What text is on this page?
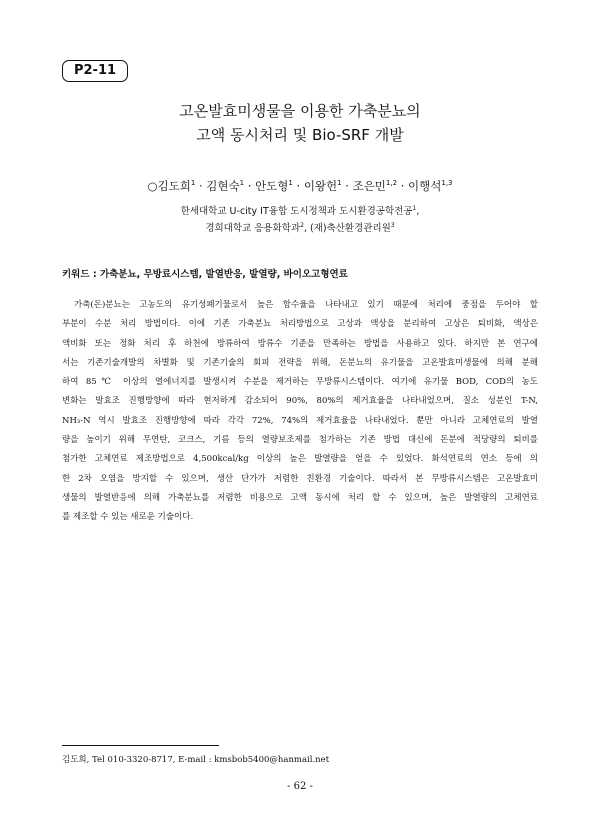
P2-11
고온발효미생물을 이용한 가축분뇨의
고액 동시처리 및 Bio-SRF 개발
○김도희$^1$ · 김현숙$^1$ · 안도형$^1$ · 이왕헌$^1$ · 조은민$^{1,2}$ · 이행석$^{1,3}$
한세대학교 U-city IT융합 도시정책과 도시환경공학전공$^1$,
경희대학교 응용화학과$^2$, (재)축산환경관리원$^3$
키워드 : 가축분뇨, 무방료시스템, 발열반응, 발열량, 바이오고형연료
가축(돈)분뇨는 고농도의 유기성폐기물로서 높은 함수율을 나타내고 있기 때문에 처리에 중점을 두어야 할
부분이 수분 처리 방법이다. 이에 기존 가축분뇨 처리방법으로 고상과 액상을 분리하여 고상은 퇴비화, 액상은
액비화 또는 정화 처리 후 하천에 방류하여 방류수 기준을 만족하는 방법을 사용하고 있다. 하지만 본 연구에
서는 기존기술개발의 차별화 및 기존기술의 회피 전략을 위해, 돈분뇨의 유기물을 고온발효미생물에 의해 분해
하여 85℃ 이상의 열에너지를 발생시켜 수분을 제거하는 무방류시스템이다. 여기에 유기물 BOD, COD의 농도
변화는 발효조 진행방향에 따라 현저하게 감소되어 90%, 80%의 제거효율을 나타내었으며, 질소 성분인 T-N,
NH₃-N 역시 발효조 진행방향에 따라 각각 72%, 74%의 제거효율을 나타내었다. 뿐만 아니라 고체연료의 발열
량을 높이기 위해 무연탄, 코크스, 기름 등의 열량보조제를 첨가하는 기존 방법 대신에 돈분에 적당량의 퇴비를
첨가한 고체연료 제조방법으로 4,500kcal/kg 이상의 높은 발열량을 얻을 수 있었다. 화석연료의 연소 등에 의
한 2차 오염을 방지할 수 있으며, 생산 단가가 저렴한 친환경 기술이다. 따라서 본 무방류시스템은 고온발효미
생물의 발열반응에 의해 가축분뇨를 저렴한 비용으로 고액 동시에 처리 할 수 있으며, 높은 발열량의 고체연료
를 제조할 수 있는 새로운 기술이다.
김도희, Tel 010-3320-8717, E-mail : kmsbob5400@hanmail.net
- 62 -
